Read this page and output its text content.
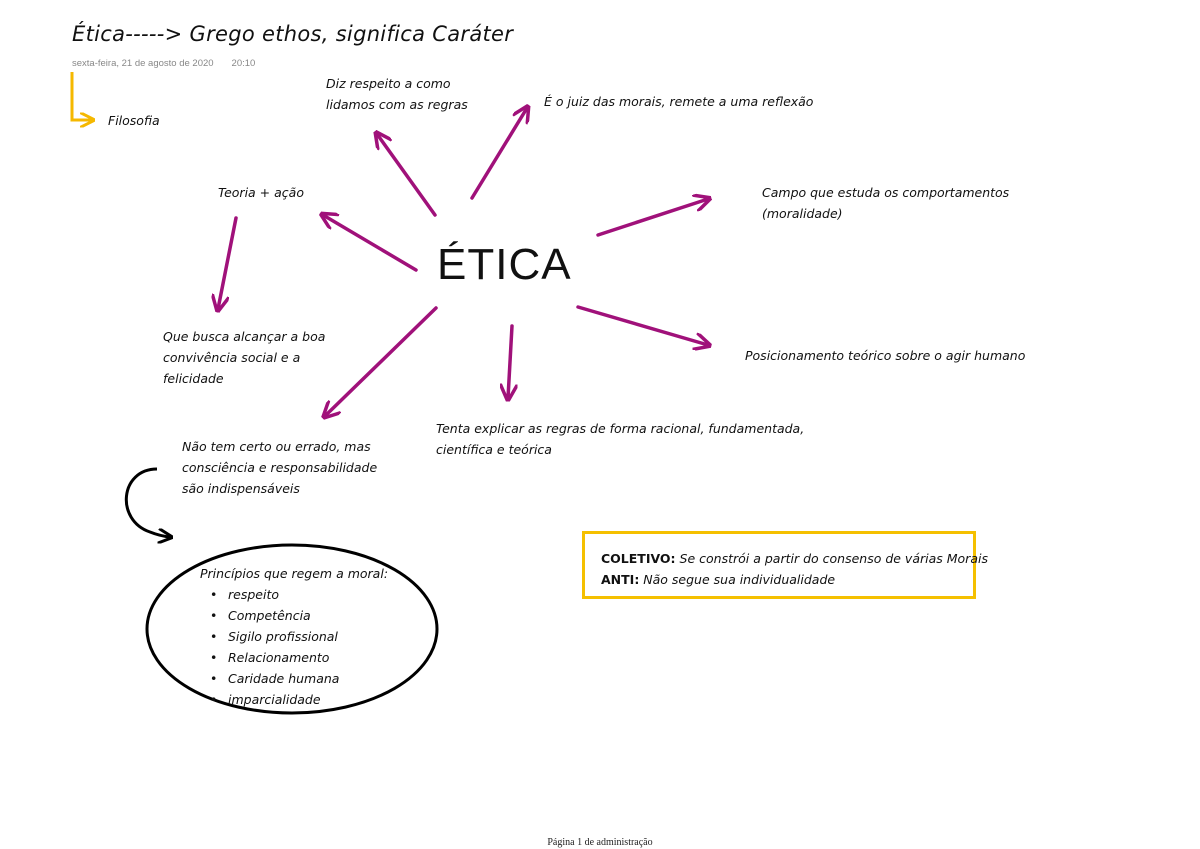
Ética-----> Grego ethos, significa Caráter
sexta-feira, 21 de agosto de 2020 20:10
Filosofia
Diz respeito a como
lidamos com as regras	É o juiz das morais, remete a uma reflexão
Teoria + ação	Campo que estuda os comportamentos
(moralidade)
ÉTICA
Que busca alcançar a boa
convivência social e a
felicidade
Posicionamento teórico sobre o agir humano
Tenta explicar as regras de forma racional, fundamentada,
científica e teórica
Não tem certo ou errado, mas
consciência e responsabilidade
são indispensáveis
Princípios que regem a moral:
• respeito
• Competência
• Sigilo profissional
• Relacionamento
• Caridade humana
• imparcialidade
COLETIVO: Se constrói a partir do consenso de várias Morais
ANTI: Não segue sua individualidade
Página 1 de administração
